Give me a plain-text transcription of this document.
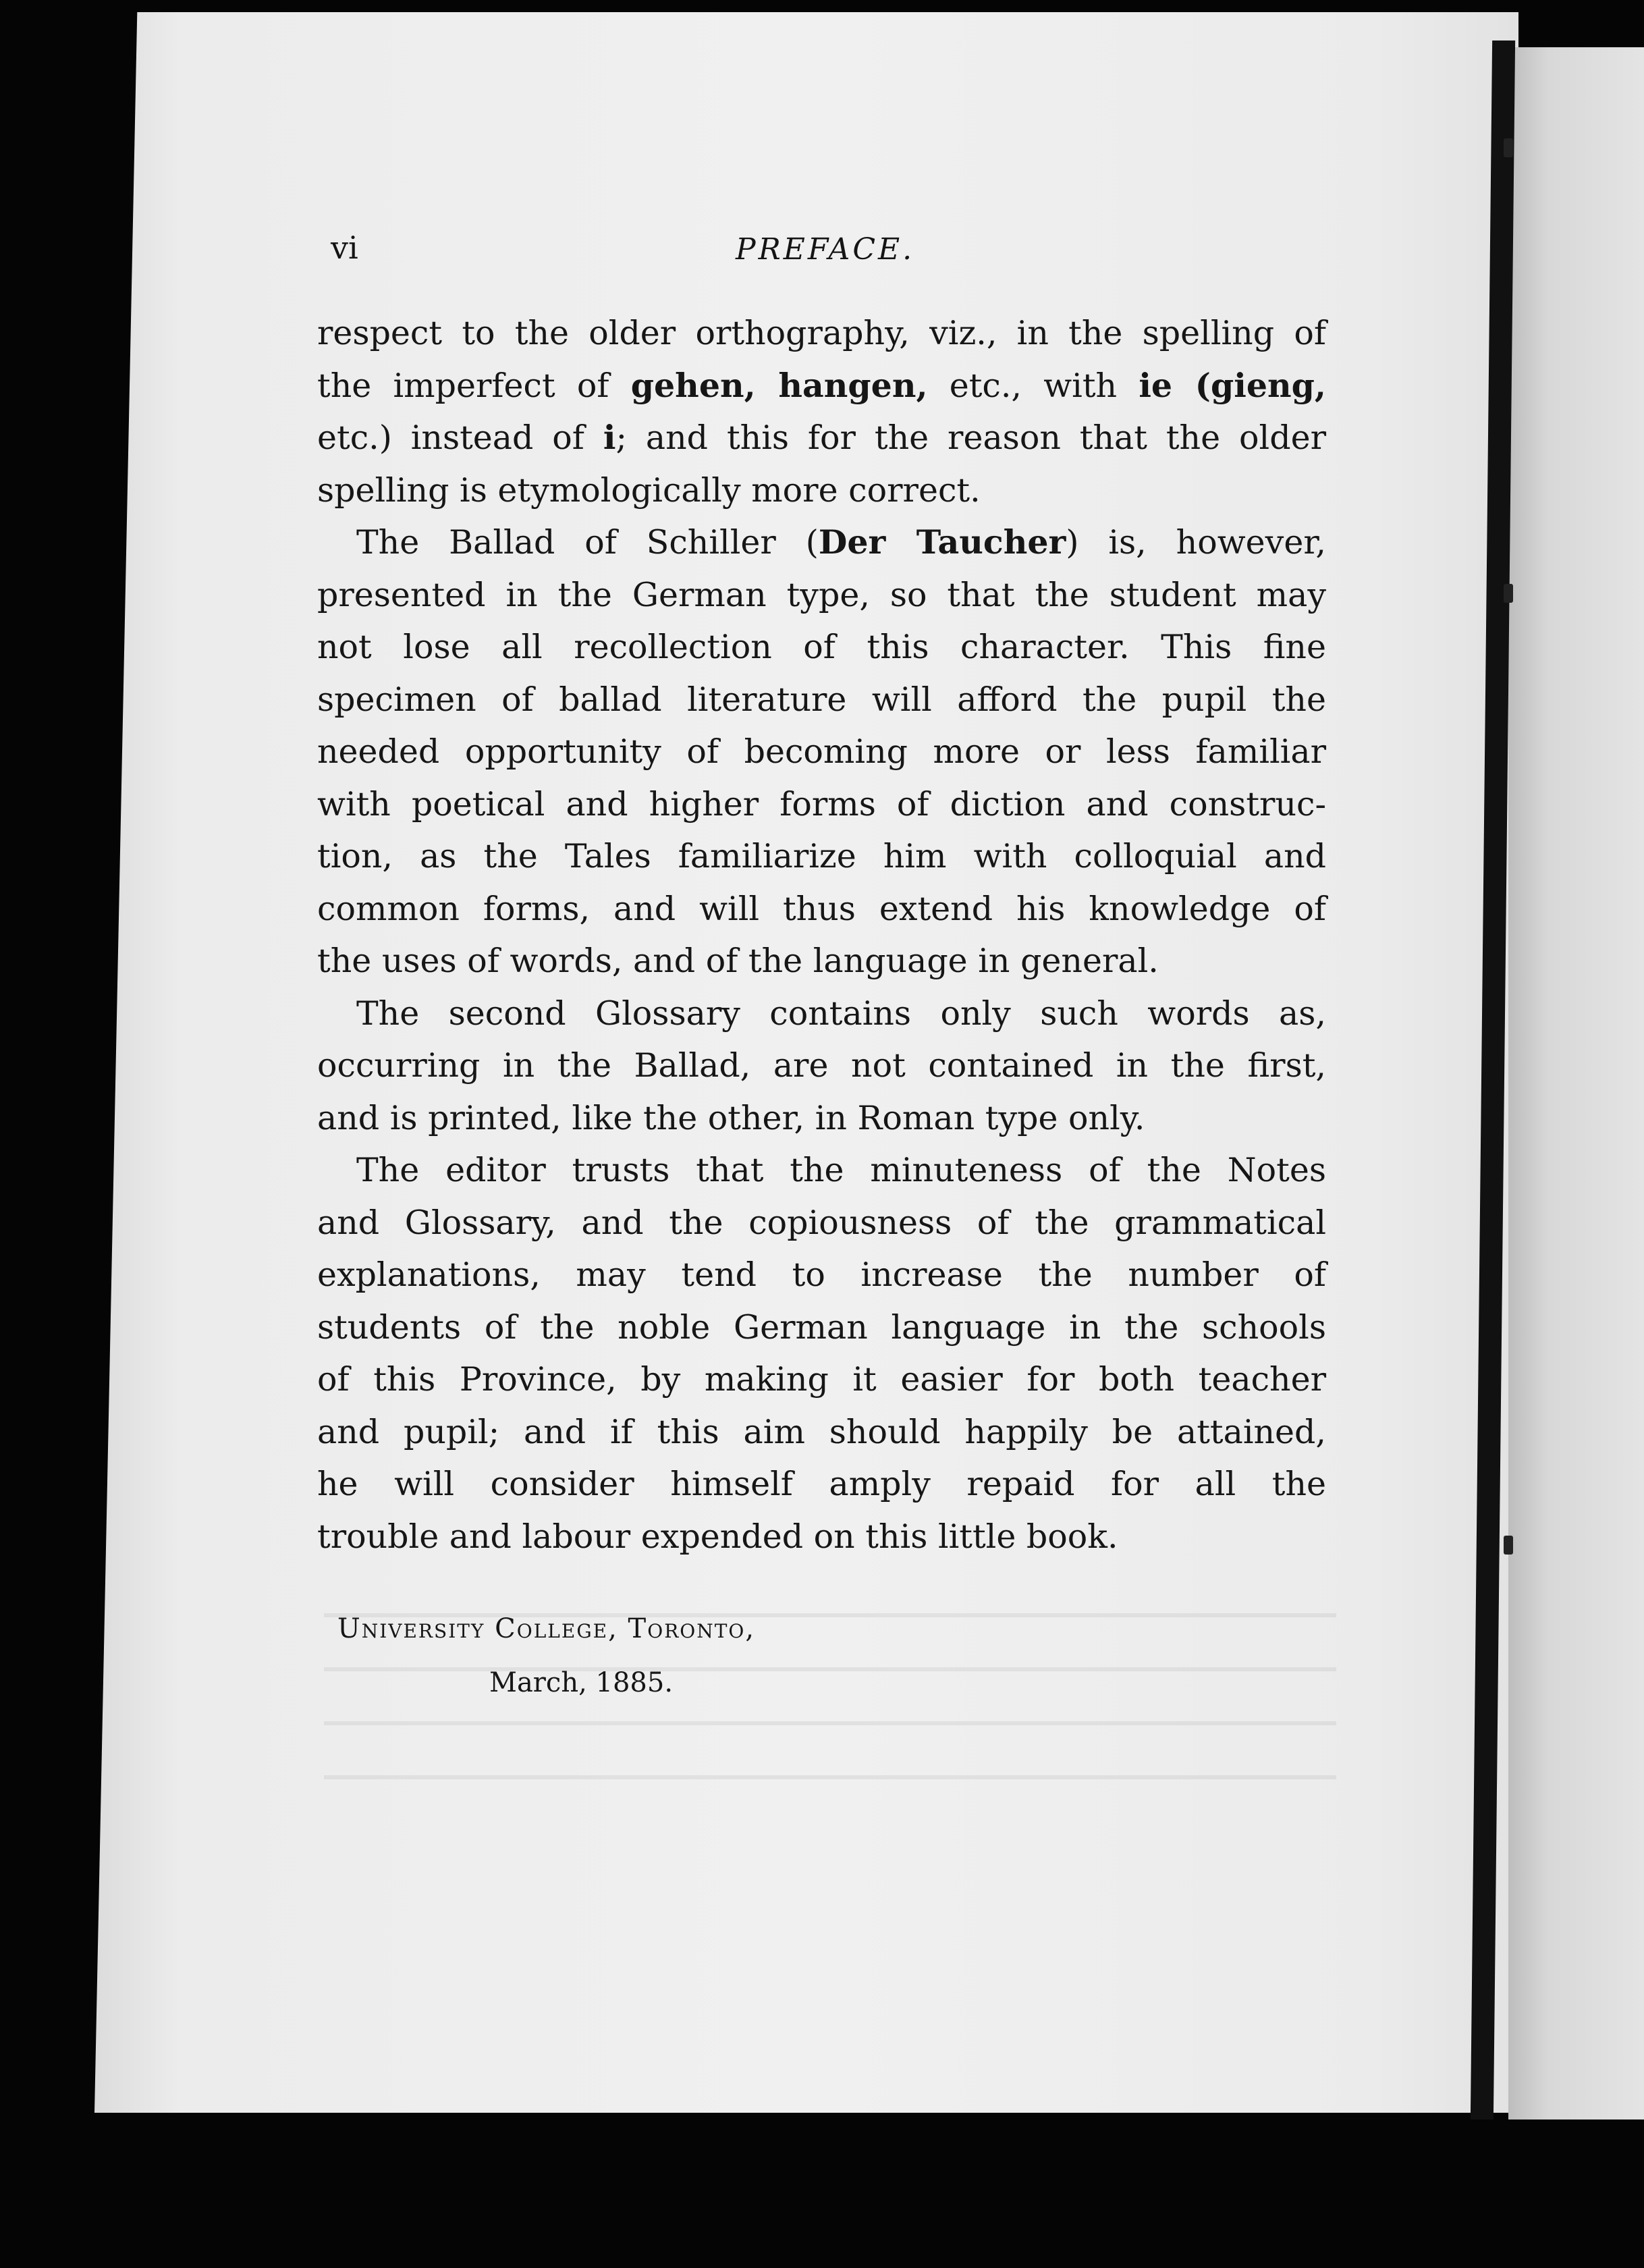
vi	PREFACE.

respect to the older orthography, viz., in the spelling of
the imperfect of gehen, hangen, etc., with ie (gieng,
etc.) instead of i; and this for the reason that the older
spelling is etymologically more correct.

The Ballad of Schiller (Der Taucher) is, however,
presented in the German type, so that the student may
not lose all recollection of this character. This fine
specimen of ballad literature will afford the pupil the
needed opportunity of becoming more or less familiar
with poetical and higher forms of diction and construc-
tion, as the Tales familiarize him with colloquial and
common forms, and will thus extend his knowledge of
the uses of words, and of the language in general.

The second Glossary contains only such words as,
occurring in the Ballad, are not contained in the first,
and is printed, like the other, in Roman type only.

The editor trusts that the minuteness of the Notes
and Glossary, and the copiousness of the grammatical
explanations, may tend to increase the number of
students of the noble German language in the schools
of this Province, by making it easier for both teacher
and pupil; and if this aim should happily be attained,
he will consider himself amply repaid for all the
trouble and labour expended on this little book.

University College, Toronto,
March, 1885.
